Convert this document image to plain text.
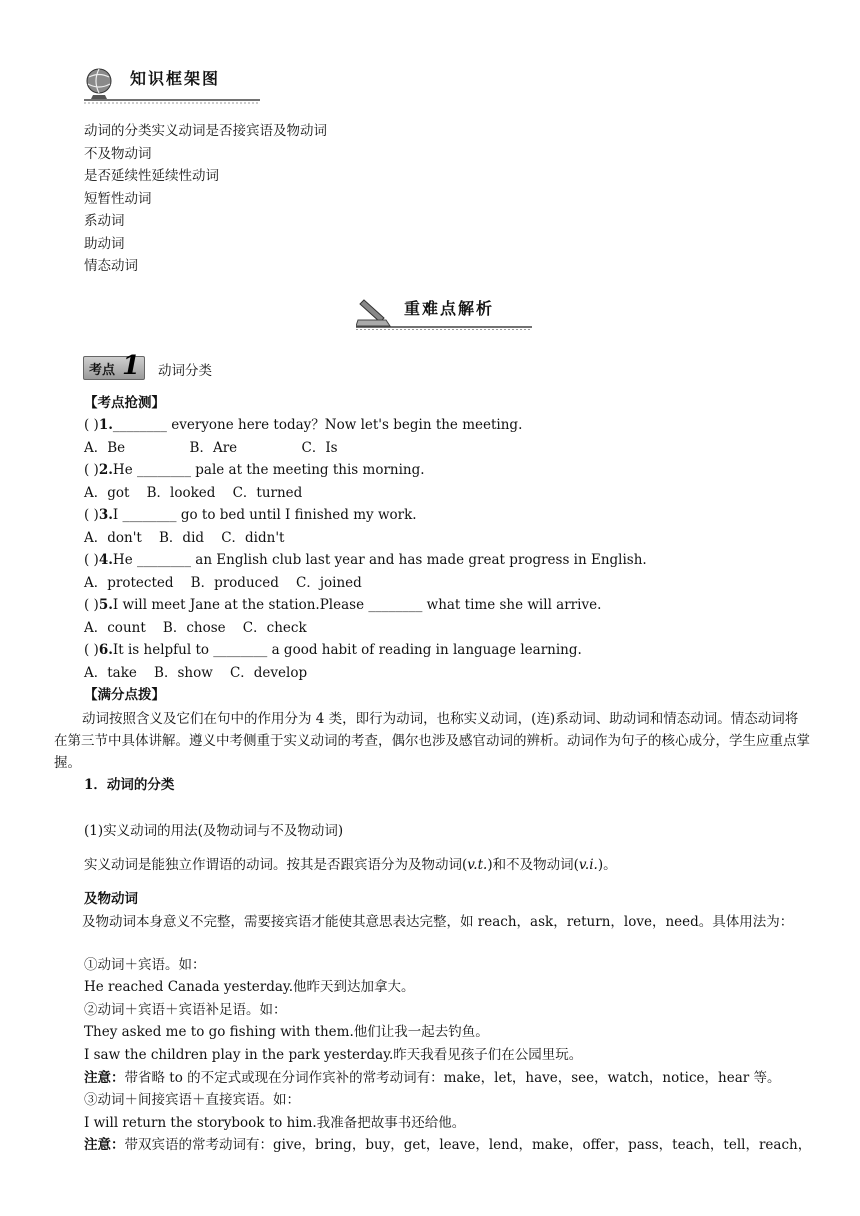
知识框架图
动词的分类实义动词是否接宾语及物动词
不及物动词
是否延续性延续性动词
短暂性动词
系动词
助动词
情态动词
重难点解析
考点 1 动词分类
【考点抢测】
( )1.________ everyone here today？Now let's begin the meeting.
A．Be               B．Are               C．Is
( )2.He ________ pale at the meeting this morning.
A．got    B．looked    C．turned
( )3.I ________ go to bed until I finished my work.
A．don't    B．did    C．didn't
( )4.He ________ an English club last year and has made great progress in English.
A．protected    B．produced    C．joined
( )5.I will meet Jane at the station.Please ________ what time she will arrive.
A．count    B．chose    C．check
( )6.It is helpful to ________ a good habit of reading in language learning.
A．take    B．show    C．develop
【满分点拨】
动词按照含义及它们在句中的作用分为 4 类，即行为动词，也称实义动词，(连)系动词、助动词和情态动词。情态动词将在第三节中具体讲解。遵义中考侧重于实义动词的考查，偶尔也涉及感官动词的辨析。动词作为句子的核心成分，学生应重点掌握。
1．动词的分类
(1)实义动词的用法(及物动词与不及物动词)
实义动词是能独立作谓语的动词。按其是否跟宾语分为及物动词(v.t.)和不及物动词(v.i.)。
及物动词
及物动词本身意义不完整，需要接宾语才能使其意思表达完整，如 reach，ask，return，love，need。具体用法为：
①动词＋宾语。如：
He reached Canada yesterday.他昨天到达加拿大。
②动词＋宾语＋宾语补足语。如：
They asked me to go fishing with them.他们让我一起去钓鱼。
I saw the children play in the park yesterday.昨天我看见孩子们在公园里玩。
注意：带省略 to 的不定式或现在分词作宾补的常考动词有：make，let，have，see，watch，notice，hear 等。
③动词＋间接宾语＋直接宾语。如：
I will return the storybook to him.我准备把故事书还给他。
注意：带双宾语的常考动词有：give，bring，buy，get，leave，lend，make，offer，pass，teach，tell，reach，
